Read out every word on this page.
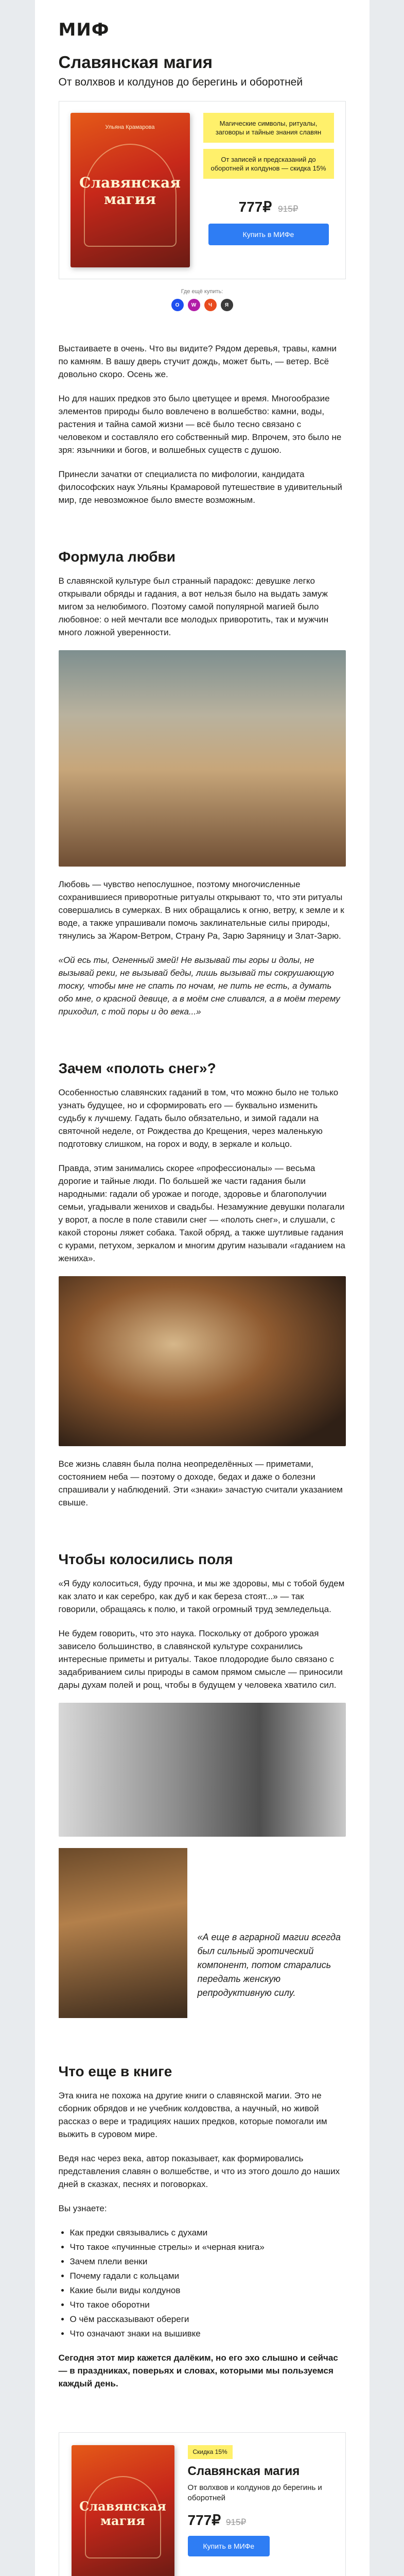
МИФ
Славянская магия

От волхвов и колдунов до берегинь и оборотней

Ульяна Крамарова
Славянская магия
Магические символы, ритуалы, заговоры и тайные знания славян
От записей и предсказаний до оборотней и колдунов — скидка 15%
777₽ 915₽
Купить в МИФе
Где ещё купить:
O	W	Ч	Я

Выстаиваете в очень. Что вы видите? Рядом деревья, травы, камни по камням. В вашу дверь стучит дождь, может быть, — ветер. Всё довольно скоро. Осень же.

Но для наших предков это было цветущее и время. Многообразие элементов природы было вовлечено в волшебство: камни, воды, растения и тайна самой жизни — всё было тесно связано с человеком и составляло его собственный мир. Впрочем, это было не зря: язычники и богов, и волшебных существ с душою.

Принесли зачатки от специалиста по мифологии, кандидата философских наук Ульяны Крамаровой путешествие в удивительный мир, где невозможное было вместе возможным.

Формула любви

В славянской культуре был странный парадокс: девушке легко открывали обряды и гадания, а вот нельзя было на выдать замуж мигом за нелюбимого. Поэтому самой популярной магией было любовное: о ней мечтали все молодых приворотить, так и мужчин много ложной уверенности.

Любовь — чувство непослушное, поэтому многочисленные сохранившиеся приворотные ритуалы открывают то, что эти ритуалы совершались в сумерках. В них обращались к огню, ветру, к земле и к воде, а также упрашивали помочь заклинательные силы природы, тянулись за Жаром-Ветром, Страну Ра, Зарю Заряницу и Злат-Зарю.

«Ой есь ты, Огненный змей! Не вызывай ты горы и долы, не вызывай реки, не вызывай беды, лишь вызывай ты сокрушающую тоску, чтобы мне не спать по ночам, не пить не есть, а думать обо мне, о красной девице, а в моём сне сливался, а в моём терему приходил, с той поры и до века...»

Зачем «полоть снег»?

Особенностью славянских гаданий в том, что можно было не только узнать будущее, но и сформировать его — буквально изменить судьбу к лучшему. Гадать было обязательно, и зимой гадали на святочной неделе, от Рождества до Крещения, через маленькую подготовку слишком, на горох и воду, в зеркале и кольцо.

Правда, этим занимались скорее «профессионалы» — весьма дорогие и тайные люди. По большей же части гадания были народными: гадали об урожае и погоде, здоровье и благополучии семьи, угадывали женихов и свадьбы. Незамужние девушки полагали у ворот, а после в поле ставили снег — «полоть снег», и слушали, с какой стороны ляжет собака. Такой обряд, а также шутливые гадания с курами, петухом, зеркалом и многим другим называли «гаданием на жениха».

Все жизнь славян была полна неопределённых — приметами, состоянием неба — поэтому о доходе, бедах и даже о болезни спрашивали у наблюдений. Эти «знаки» зачастую считали указанием свыше.

Чтобы колосились поля

«Я буду колоситься, буду прочна, и мы же здоровы, мы с тобой будем как злато и как серебро, как дуб и как береза стоят...» — так говорили, обращаясь к полю, и такой огромный труд земледельца.

Не будем говорить, что это наука. Поскольку от доброго урожая зависело большинство, в славянской культуре сохранились интересные приметы и ритуалы. Такое плодородие было связано с задабриванием силы природы в самом прямом смысле — приносили дары духам полей и рощ, чтобы в будущем у человека хватило сил.

«А еще в аграрной магии всегда был сильный эротический компонент, потом старались передать женскую репродуктивную силу.
Что еще в книге

Эта книга не похожа на другие книги о славянской магии. Это не сборник обрядов и не учебник колдовства, а научный, но живой рассказ о вере и традициях наших предков, которые помогали им выжить в суровом мире.

Ведя нас через века, автор показывает, как формировались представления славян о волшебстве, и что из этого дошло до наших дней в сказках, песнях и поговорках.

Вы узнаете:

• Как предки связывались с духами
• Что такое «пучинные стрелы» и «черная книга»
• Зачем плели венки
• Почему гадали с кольцами
• Какие были виды колдунов
• Что такое оборотни
• О чём рассказывают обереги
• Что означают знаки на вышивке

Сегодня этот мир кажется далёким, но его эхо слышно и сейчас — в праздниках, поверьях и словах, которыми мы пользуемся каждый день.

Славянская магия
Скидка 15%
Славянская магия
От волхвов и колдунов до берегинь и оборотней
777₽ 915₽
Купить в МИФе
